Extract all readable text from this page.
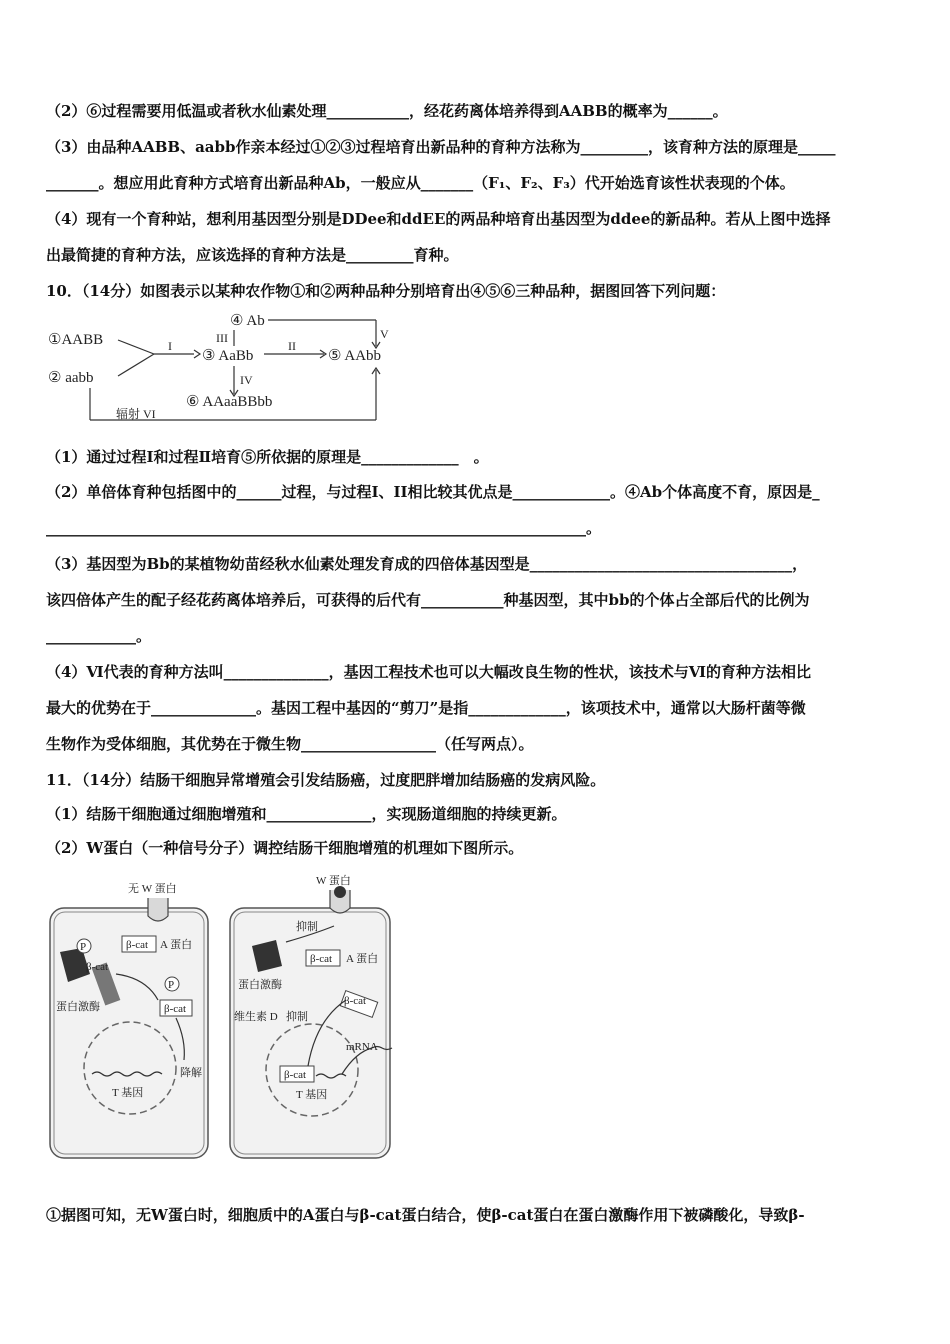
（2）⑥过程需要用低温或者秋水仙素处理___________，经花药离体培养得到AABB的概率为______。
（3）由品种AABB、aabb作亲本经过①②③过程培育出新品种的育种方法称为_________，该育种方法的原理是_____
_______。想应用此育种方式培育出新品种Ab，一般应从_______（F₁、F₂、F₃）代开始选育该性状表现的个体。
（4）现有一个育种站，想利用基因型分别是DDee和ddEE的两品种培育出基因型为ddee的新品种。若从上图中选择
出最简捷的育种方法，应该选择的育种方法是_________育种。
10．（14分）如图表示以某种农作物①和②两种品种分别培育出④⑤⑥三种品种，据图回答下列问题：
①AABB
② aabb
③ AaBb
④ Ab
⑤ AAbb
⑥ AAaaBBbb
I	II
III
IV
V
辐射 VI
（1）通过过程Ⅰ和过程Ⅱ培育⑤所依据的原理是_____________　。
（2）单倍体育种包括图中的______过程，与过程I、II相比较其优点是_____________。④Ab个体高度不育，原因是_
________________________________________________________________________。
（3）基因型为Bb的某植物幼苗经秋水仙素处理发育成的四倍体基因型是___________________________________，
该四倍体产生的配子经花药离体培养后，可获得的后代有___________种基因型，其中bb的个体占全部后代的比例为
____________。
（4）Ⅵ代表的育种方法叫______________，基因工程技术也可以大幅改良生物的性状，该技术与Ⅵ的育种方法相比
最大的优势在于______________。基因工程中基因的“剪刀”是指_____________，该项技术中，通常以大肠杆菌等微
生物作为受体细胞，其优势在于微生物__________________（任写两点）。
11．（14分）结肠干细胞异常增殖会引发结肠癌，过度肥胖增加结肠癌的发病风险。
（1）结肠干细胞通过细胞增殖和______________，实现肠道细胞的持续更新。
（2）W蛋白（一种信号分子）调控结肠干细胞增殖的机理如下图所示。
无 W 蛋白
P	β-cat A 蛋白
β-cat
蛋白激酶
P
β-cat
降解
T 基因
W 蛋白
抑制
蛋白激酶
β-cat A 蛋白
维生素 D 抑制
β-cat
mRNA
β-cat
T 基因
①据图可知，无W蛋白时，细胞质中的A蛋白与β-cat蛋白结合，使β-cat蛋白在蛋白激酶作用下被磷酸化，导致β-
